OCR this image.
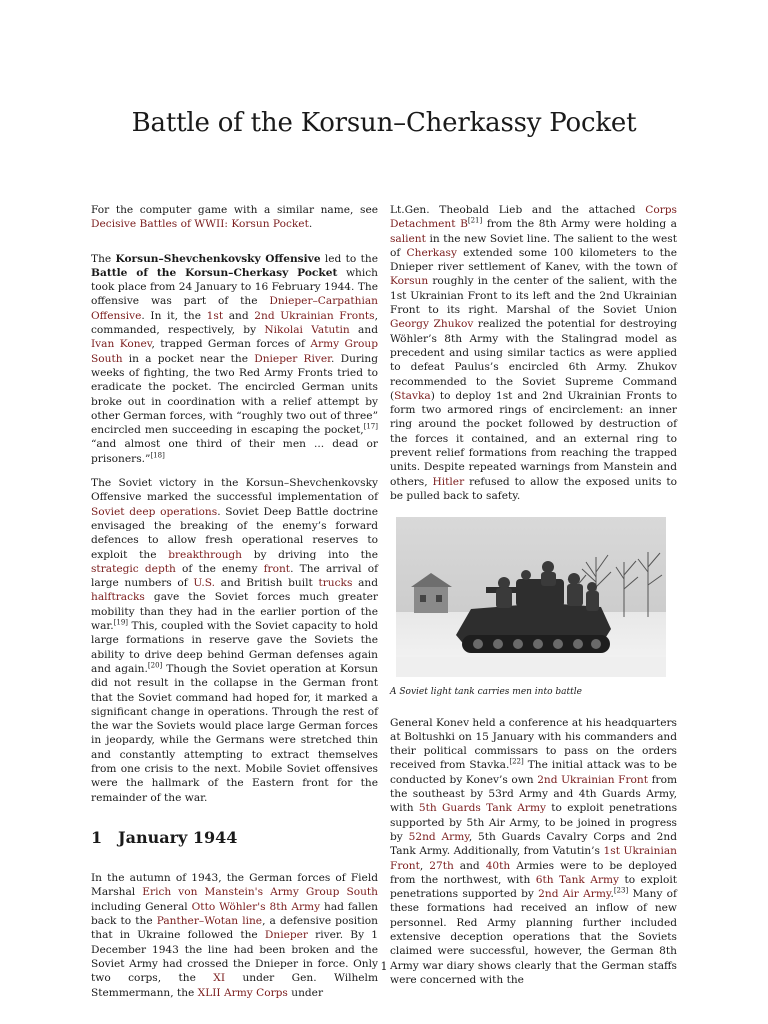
Battle of the Korsun–Cherkassy Pocket

For the computer game with a similar name, see Decisive Battles of WWII: Korsun Pocket.

The Korsun–Shevchenkovsky Offensive led to the Battle of the Korsun–Cherkasy Pocket which took place from 24 January to 16 February 1944. The offensive was part of the Dnieper–Carpathian Offensive. In it, the 1st and 2nd Ukrainian Fronts, commanded, respectively, by Nikolai Vatutin and Ivan Konev, trapped German forces of Army Group South in a pocket near the Dnieper River. During weeks of fighting, the two Red Army Fronts tried to eradicate the pocket. The encircled German units broke out in coordination with a relief attempt by other German forces, with “roughly two out of three” encircled men succeeding in escaping the pocket,[17] “and almost one third of their men ... dead or prisoners.”[18]

The Soviet victory in the Korsun–Shevchenkovsky Offensive marked the successful implementation of Soviet deep operations. Soviet Deep Battle doctrine envisaged the breaking of the enemy’s forward defences to allow fresh operational reserves to exploit the breakthrough by driving into the strategic depth of the enemy front. The arrival of large numbers of U.S. and British built trucks and halftracks gave the Soviet forces much greater mobility than they had in the earlier portion of the war.[19] This, coupled with the Soviet capacity to hold large formations in reserve gave the Soviets the ability to drive deep behind German defenses again and again.[20] Though the Soviet operation at Korsun did not result in the collapse in the German front that the Soviet command had hoped for, it marked a significant change in operations. Through the rest of the war the Soviets would place large German forces in jeopardy, while the Germans were stretched thin and constantly attempting to extract themselves from one crisis to the next. Mobile Soviet offensives were the hallmark of the Eastern front for the remainder of the war.

1 January 1944

In the autumn of 1943, the German forces of Field Marshal Erich von Manstein's Army Group South including General Otto Wöhler's 8th Army had fallen back to the Panther–Wotan line, a defensive position that in Ukraine followed the Dnieper river. By 1 December 1943 the line had been broken and the Soviet Army had crossed the Dnieper in force. Only two corps, the XI under Gen. Wilhelm Stemmermann, the XLII Army Corps under

Lt.Gen. Theobald Lieb and the attached Corps Detachment B[21] from the 8th Army were holding a salient in the new Soviet line. The salient to the west of Cherkasy extended some 100 kilometers to the Dnieper river settlement of Kanev, with the town of Korsun roughly in the center of the salient, with the 1st Ukrainian Front to its left and the 2nd Ukrainian Front to its right. Marshal of the Soviet Union Georgy Zhukov realized the potential for destroying Wöhler’s 8th Army with the Stalingrad model as precedent and using similar tactics as were applied to defeat Paulus’s encircled 6th Army. Zhukov recommended to the Soviet Supreme Command (Stavka) to deploy 1st and 2nd Ukrainian Fronts to form two armored rings of encirclement: an inner ring around the pocket followed by destruction of the forces it contained, and an external ring to prevent relief formations from reaching the trapped units. Despite repeated warnings from Manstein and others, Hitler refused to allow the exposed units to be pulled back to safety.

A Soviet light tank carries men into battle

General Konev held a conference at his headquarters at Boltushki on 15 January with his commanders and their political commissars to pass on the orders received from Stavka.[22] The initial attack was to be conducted by Konev’s own 2nd Ukrainian Front from the southeast by 53rd Army and 4th Guards Army, with 5th Guards Tank Army to exploit penetrations supported by 5th Air Army, to be joined in progress by 52nd Army, 5th Guards Cavalry Corps and 2nd Tank Army. Additionally, from Vatutin’s 1st Ukrainian Front, 27th and 40th Armies were to be deployed from the northwest, with 6th Tank Army to exploit penetrations supported by 2nd Air Army.[23] Many of these formations had received an inflow of new personnel. Red Army planning further included extensive deception operations that the Soviets claimed were successful, however, the German 8th Army war diary shows clearly that the German staffs were concerned with the

1
